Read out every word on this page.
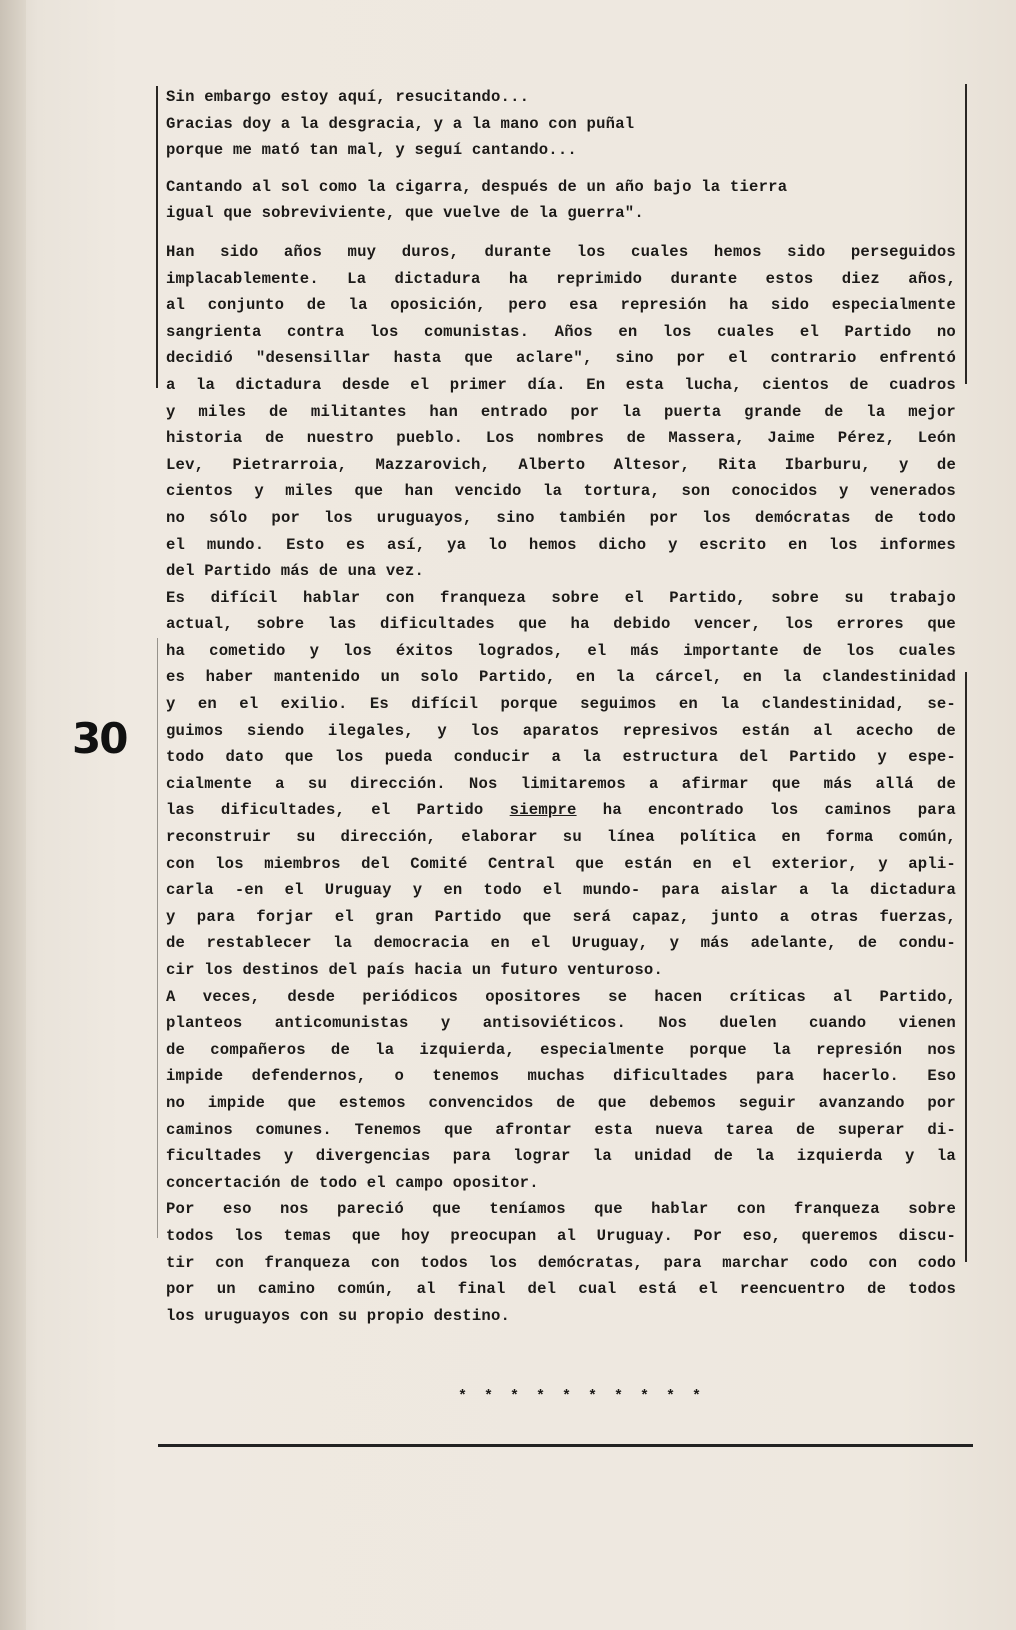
30
Sin embargo estoy aquí, resucitando...
Gracias doy a la desgracia, y a la mano con puñal
porque me mató tan mal, y seguí cantando...
Cantando al sol como la cigarra, después de un año bajo la tierra
igual que sobreviviente, que vuelve de la guerra".
Han sido años muy duros, durante los cuales hemos sido perseguidos
implacablemente. La dictadura ha reprimido durante estos diez años,
al conjunto de la oposición, pero esa represión ha sido especialmente
sangrienta contra los comunistas. Años en los cuales el Partido no
decidió "desensillar hasta que aclare", sino por el contrario enfrentó
a la dictadura desde el primer día. En esta lucha, cientos de cuadros
y miles de militantes han entrado por la puerta grande de la mejor
historia de nuestro pueblo. Los nombres de Massera, Jaime Pérez, León
Lev, Pietrarroia, Mazzarovich, Alberto Altesor, Rita Ibarburu, y de
cientos y miles que han vencido la tortura, son conocidos y venerados
no sólo por los uruguayos, sino también por los demócratas de todo
el mundo. Esto es así, ya lo hemos dicho y escrito en los informes
del Partido más de una vez.
Es difícil hablar con franqueza sobre el Partido, sobre su trabajo
actual, sobre las dificultades que ha debido vencer, los errores que
ha cometido y los éxitos logrados, el más importante de los cuales
es haber mantenido un solo Partido, en la cárcel, en la clandestinidad
y en el exilio. Es difícil porque seguimos en la clandestinidad, se-
guimos siendo ilegales, y los aparatos represivos están al acecho de
todo dato que los pueda conducir a la estructura del Partido y espe-
cialmente a su dirección. Nos limitaremos a afirmar que más allá de
las dificultades, el Partido siempre ha encontrado los caminos para
reconstruir su dirección, elaborar su línea política en forma común,
con los miembros del Comité Central que están en el exterior, y apli-
carla -en el Uruguay y en todo el mundo- para aislar a la dictadura
y para forjar el gran Partido que será capaz, junto a otras fuerzas,
de restablecer la democracia en el Uruguay, y más adelante, de condu-
cir los destinos del país hacia un futuro venturoso.
A veces, desde periódicos opositores se hacen críticas al Partido,
planteos anticomunistas y antisoviéticos. Nos duelen cuando vienen
de compañeros de la izquierda, especialmente porque la represión nos
impide defendernos, o tenemos muchas dificultades para hacerlo. Eso
no impide que estemos convencidos de que debemos seguir avanzando por
caminos comunes. Tenemos que afrontar esta nueva tarea de superar di-
ficultades y divergencias para lograr la unidad de la izquierda y la
concertación de todo el campo opositor.
Por eso nos pareció que teníamos que hablar con franqueza sobre
todos los temas que hoy preocupan al Uruguay. Por eso, queremos discu-
tir con franqueza con todos los demócratas, para marchar codo con codo
por un camino común, al final del cual está el reencuentro de todos
los uruguayos con su propio destino.
* * * * * * * * * *
